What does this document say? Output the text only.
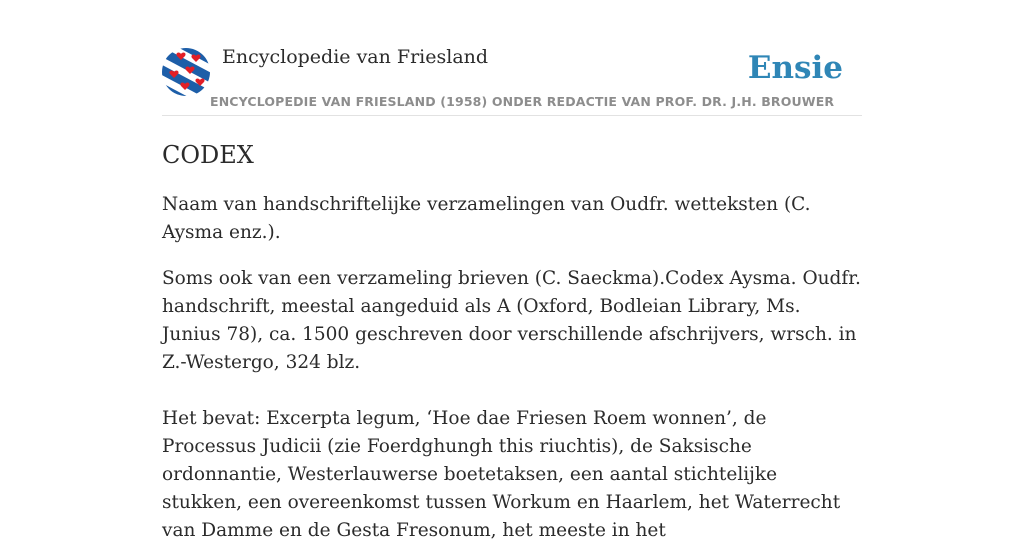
Encyclopedie van Friesland	Ensie
ENCYCLOPEDIE VAN FRIESLAND (1958) ONDER REDACTIE VAN PROF. DR. J.H. BROUWER
CODEX

Naam van handschriftelijke verzamelingen van Oudfr. wetteksten (C. Aysma enz.).

Soms ook van een verzameling brieven (C. Saeckma).Codex Aysma. Oudfr. handschrift, meestal aangeduid als A (Oxford, Bodleian Library, Ms. Junius 78), ca. 1500 geschreven door verschillende afschrijvers, wrsch. in Z.-Westergo, 324 blz.

Het bevat: Excerpta legum, ‘Hoe dae Friesen Roem wonnen’, de Processus Judicii (zie Foerdghungh this riuchtis), de Saksische ordonnantie, Westerlauwerse boetetaksen, een aantal stichtelijke stukken, een overeenkomst tussen Workum en Haarlem, het Waterrecht van Damme en de Gesta Fresonum, het meeste in het
